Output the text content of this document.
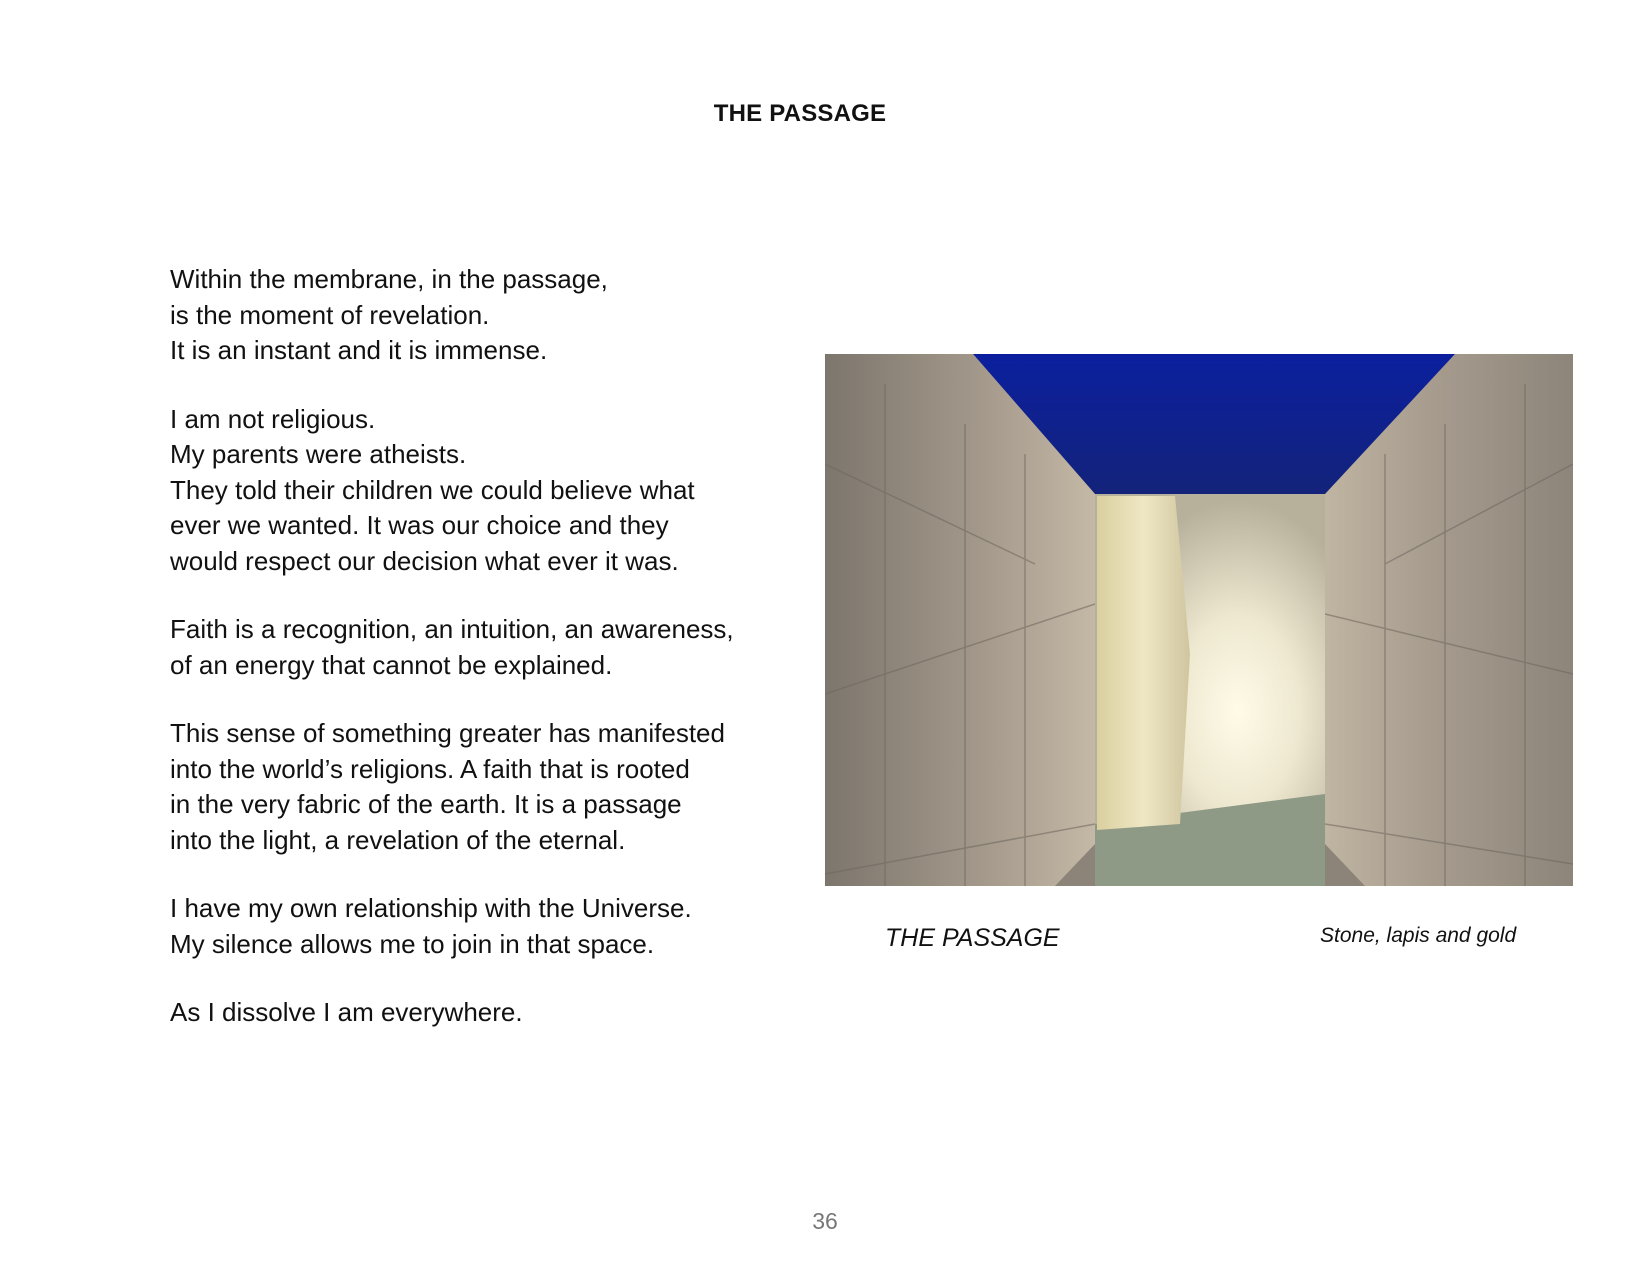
THE PASSAGE
Within the membrane, in the passage,
is the moment of revelation.
It is an instant and it is immense.
I am not religious.
My parents were atheists.
They told their children we could believe what
ever we wanted. It was our choice and they
would respect our decision what ever it was.
Faith is a recognition, an intuition, an awareness,
of an energy that cannot be explained.
This sense of something greater has manifested
into the world’s religions. A faith that is rooted
in the very fabric of the earth. It is a passage
into the light, a revelation of the eternal.
I have my own relationship with the Universe.
My silence allows me to join in that space.
As I dissolve I am everywhere.
THE PASSAGE	Stone, lapis and gold
36
